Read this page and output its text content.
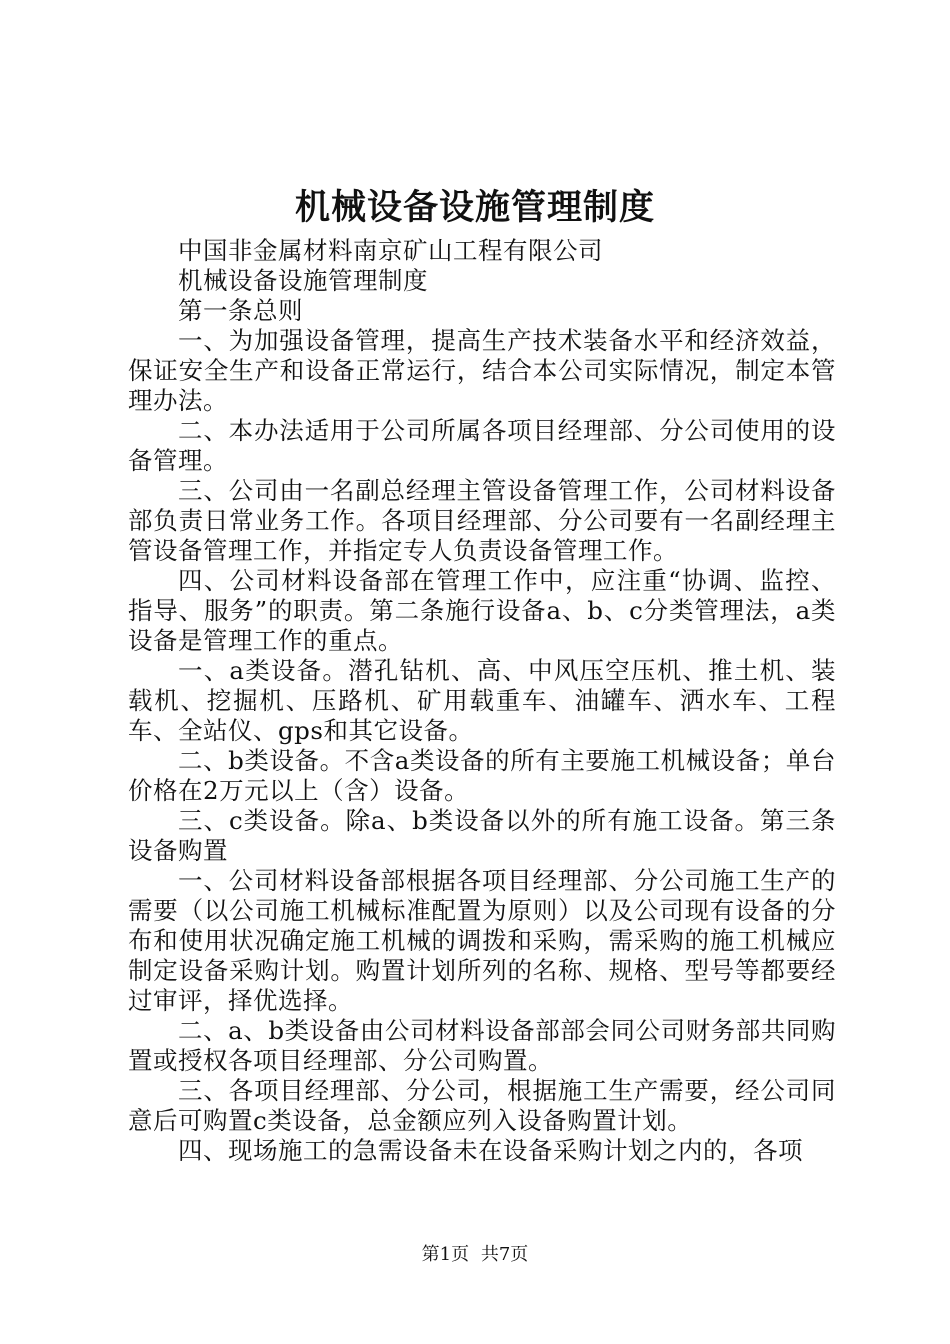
机械设备设施管理制度

中国非金属材料南京矿山工程有限公司

机械设备设施管理制度

第一条总则

一、为加强设备管理，提高生产技术装备水平和经济效益，保证安全生产和设备正常运行，结合本公司实际情况，制定本管理办法。

二、本办法适用于公司所属各项目经理部、分公司使用的设备管理。

三、公司由一名副总经理主管设备管理工作，公司材料设备部负责日常业务工作。各项目经理部、分公司要有一名副经理主管设备管理工作，并指定专人负责设备管理工作。

四、公司材料设备部在管理工作中，应注重“协调、监控、指导、服务”的职责。第二条施行设备a、b、c分类管理法，a类设备是管理工作的重点。

一、a类设备。潜孔钻机、高、中风压空压机、推土机、装载机、挖掘机、压路机、矿用载重车、油罐车、洒水车、工程车、全站仪、gps和其它设备。

二、b类设备。不含a类设备的所有主要施工机械设备；单台价格在2万元以上（含）设备。

三、c类设备。除a、b类设备以外的所有施工设备。第三条设备购置

一、公司材料设备部根据各项目经理部、分公司施工生产的需要（以公司施工机械标准配置为原则）以及公司现有设备的分布和使用状况确定施工机械的调拨和采购，需采购的施工机械应制定设备采购计划。购置计划所列的名称、规格、型号等都要经过审评，择优选择。

二、a、b类设备由公司材料设备部部会同公司财务部共同购置或授权各项目经理部、分公司购置。

三、各项目经理部、分公司，根据施工生产需要，经公司同意后可购置c类设备，总金额应列入设备购置计划。

四、现场施工的急需设备未在设备采购计划之内的，各项

第1页 共7页
